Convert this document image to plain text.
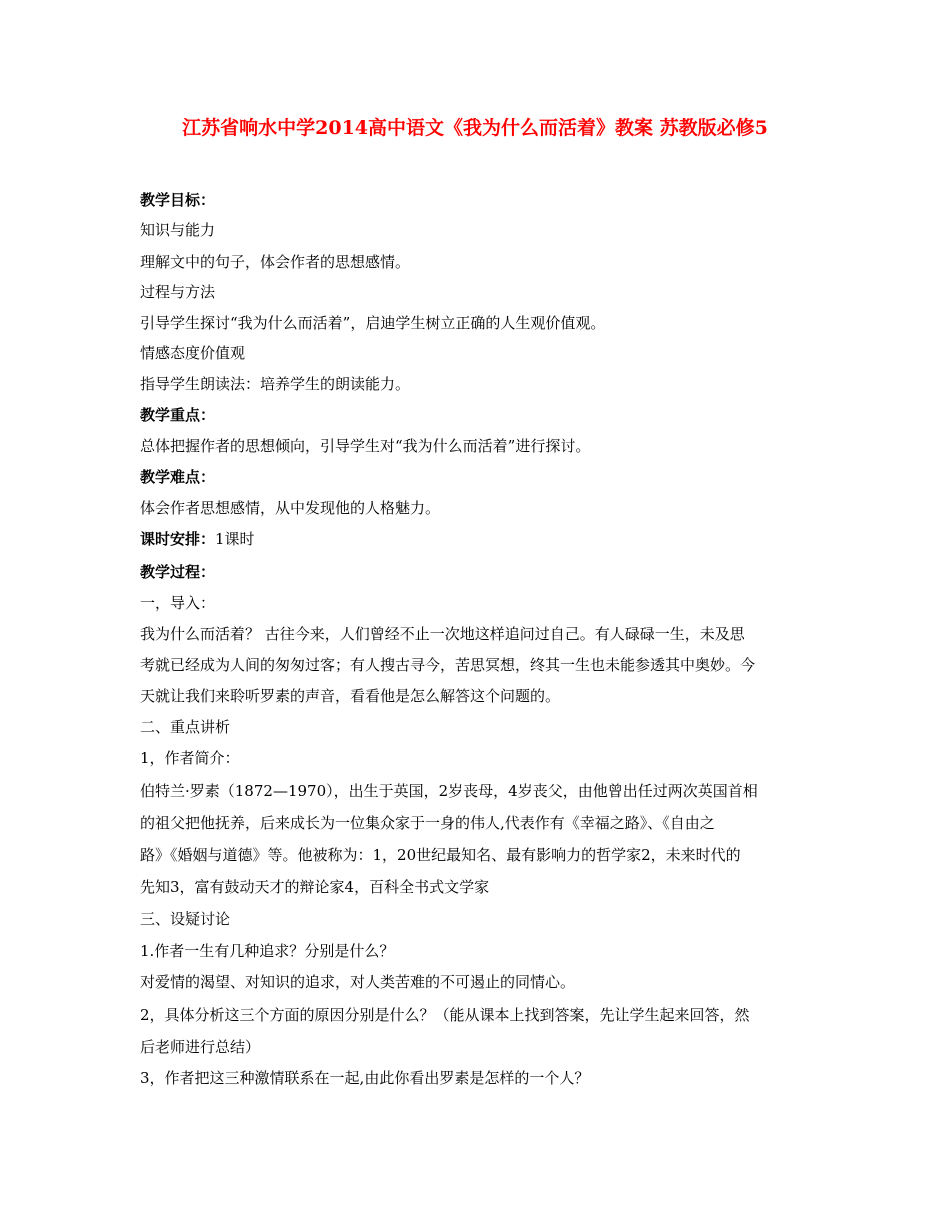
江苏省响水中学2014高中语文《我为什么而活着》教案 苏教版必修5
教学目标：
知识与能力
理解文中的句子，体会作者的思想感情。
过程与方法
引导学生探讨“我为什么而活着”，启迪学生树立正确的人生观价值观。
情感态度价值观
指导学生朗读法：培养学生的朗读能力。
教学重点：
总体把握作者的思想倾向，引导学生对“我为什么而活着”进行探讨。
教学难点：
体会作者思想感情，从中发现他的人格魅力。
课时安排：1课时
教学过程：
一，导入：
我为什么而活着？ 古往今来，人们曾经不止一次地这样追问过自己。有人碌碌一生，未及思
考就已经成为人间的匆匆过客；有人搜古寻今，苦思冥想，终其一生也未能参透其中奥妙。今
天就让我们来聆听罗素的声音，看看他是怎么解答这个问题的。
二、重点讲析
1，作者简介：
伯特兰·罗素（1872—1970），出生于英国，2岁丧母，4岁丧父，由他曾出任过两次英国首相
的祖父把他抚养，后来成长为一位集众家于一身的伟人,代表作有《幸福之路》、《自由之
路》《婚姻与道德》等。他被称为：1，20世纪最知名、最有影响力的哲学家2，未来时代的
先知3，富有鼓动天才的辩论家4，百科全书式文学家
三、设疑讨论
1.作者一生有几种追求？分别是什么？
对爱情的渴望、对知识的追求，对人类苦难的不可遏止的同情心。
2，具体分析这三个方面的原因分别是什么？（能从课本上找到答案，先让学生起来回答，然
后老师进行总结）
3，作者把这三种激情联系在一起,由此你看出罗素是怎样的一个人？
